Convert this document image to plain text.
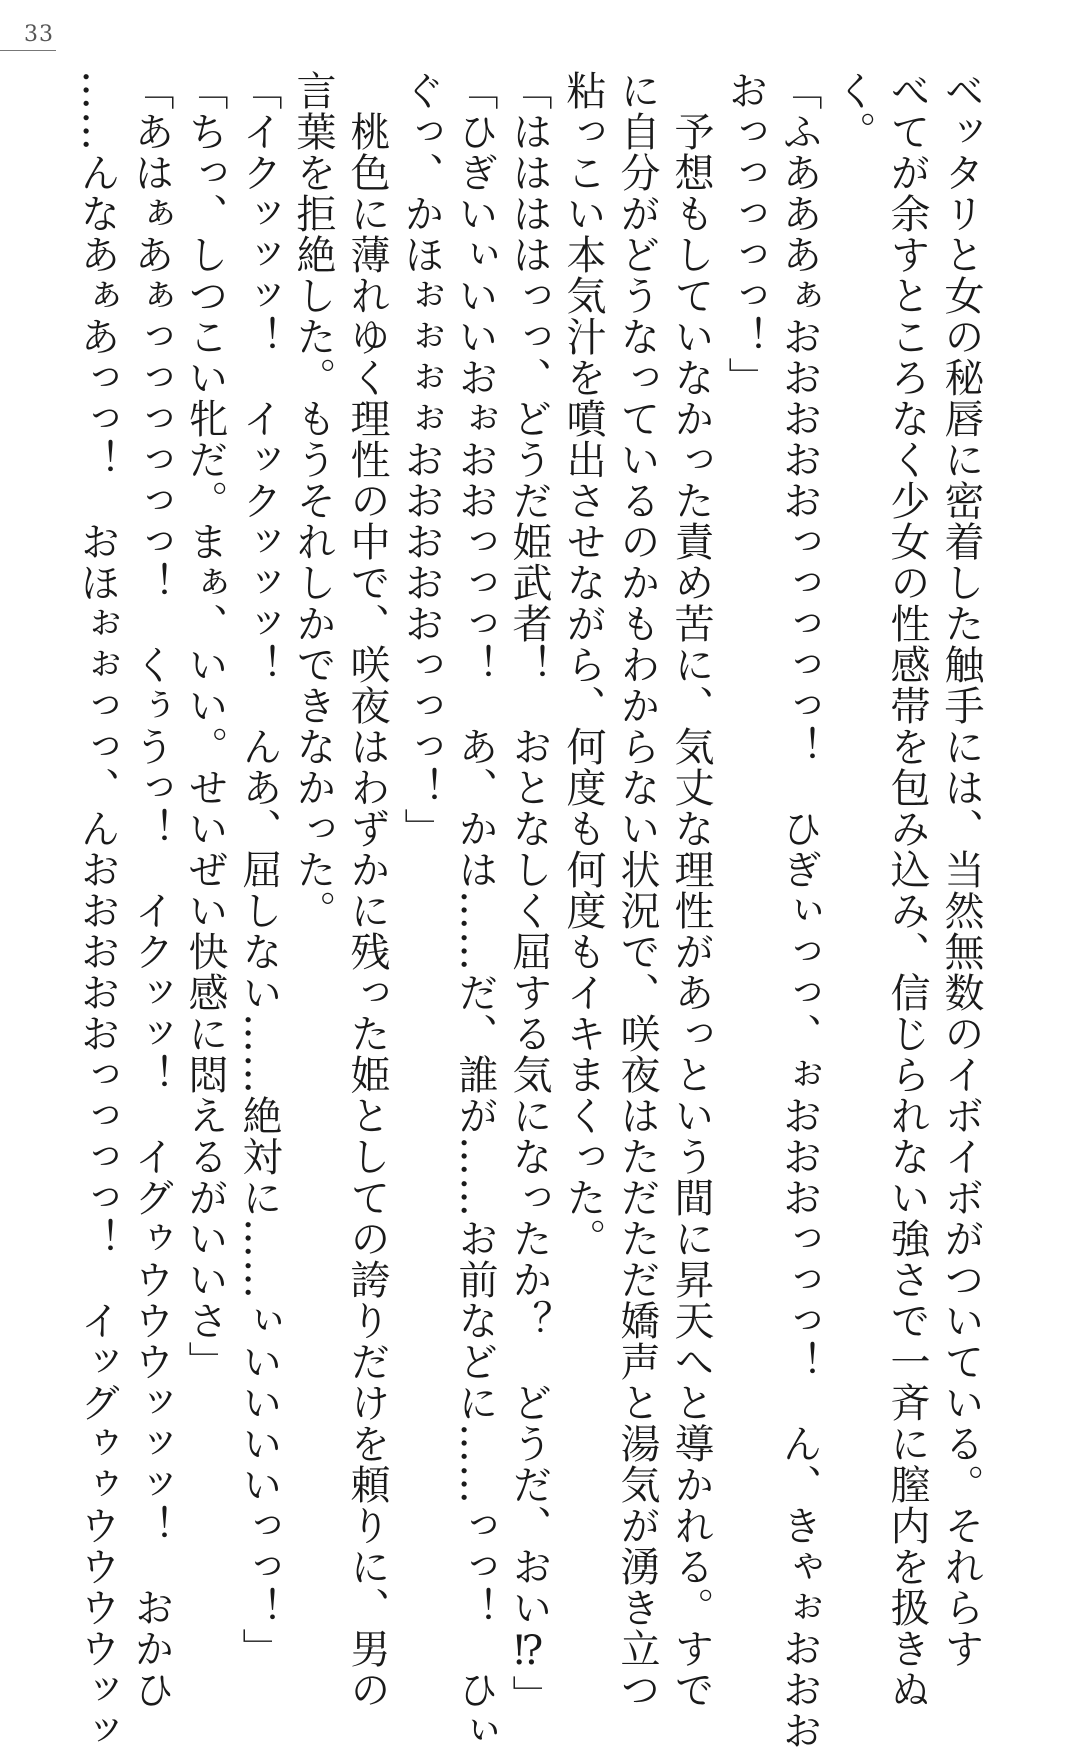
33
ベッタリと女の秘唇に密着した触手には、当然無数のイボイボがついている。それらす
べてが余すところなく少女の性感帯を包み込み、信じられない強さで一斉に膣内を扱きぬ
く。
「ふあああぁおおおおおっっっっっ！　ひぎぃっっ、ぉおおおっっっ！　ん、きゃぉおおお
おっっっっっ！」
　予想もしていなかった責め苦に、気丈な理性があっという間に昇天へと導かれる。すで
に自分がどうなっているのかもわからない状況で、咲夜はただただ嬌声と湯気が湧き立つ
粘っこい本気汁を噴出させながら、何度も何度もイキまくった。
「ははははっっ、どうだ姫武者！　おとなしく屈する気になったか？　どうだ、おい⁉」
「ひぎいぃいいおぉおおっっっ！　あ、かは……だ、誰が……お前などに……っっ！　ひぃ
ぐっ、かほぉぉぉぉおおおおおっっっ！」
　桃色に薄れゆく理性の中で、咲夜はわずかに残った姫としての誇りだけを頼りに、男の
言葉を拒絶した。もうそれしかできなかった。
「イクッッッ！　イックッッッ！　んあ、屈しない……絶対に……ぃいいいいっっ！」
「ちっ、しつこい牝だ。まぁ、いい。せいぜい快感に悶えるがいいさ」
「あはぁあぁっっっっっっ！　くぅうっ！　イクッッ！　イグゥウウウッッッ！　おかひ
……んなあぁあっっ！　おほぉぉっっ、んおおおおおっっっっ！　イッグゥゥウウウウッッ
